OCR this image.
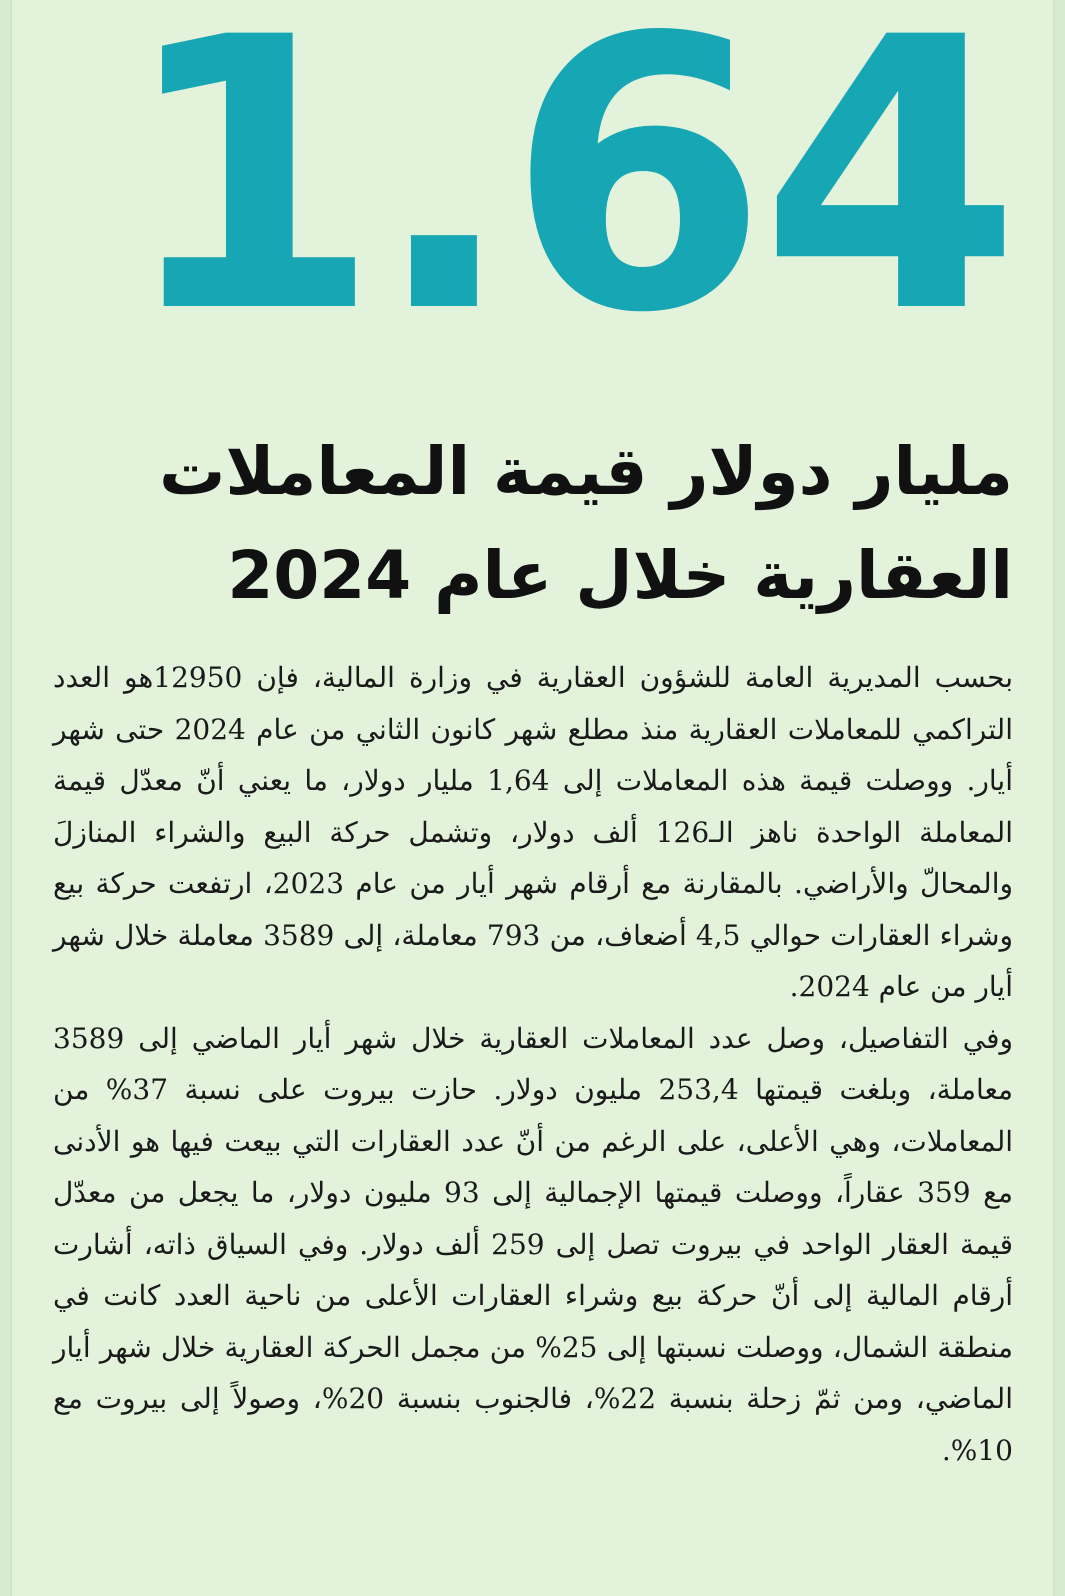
1.64
مليار دولار قيمة المعاملات
العقارية خلال عام 2024

بحسب المديرية العامة للشؤون العقارية في وزارة المالية، فإن 12950هو العدد التراكمي للمعاملات العقارية منذ مطلع شهر كانون الثاني من عام 2024 حتى شهر أيار. ووصلت قيمة هذه المعاملات إلى 1,64 مليار دولار، ما يعني أنّ معدّل قيمة المعاملة الواحدة ناهز الـ126 ألف دولار، وتشمل حركة البيع والشراء المنازلَ والمحالّ والأراضي. بالمقارنة مع أرقام شهر أيار من عام 2023، ارتفعت حركة بيع وشراء العقارات حوالي 4,5 أضعاف، من 793 معاملة، إلى 3589 معاملة خلال شهر أيار من عام 2024.

وفي التفاصيل، وصل عدد المعاملات العقارية خلال شهر أيار الماضي إلى 3589 معاملة، وبلغت قيمتها 253,4 مليون دولار. حازت بيروت على نسبة 37% من المعاملات، وهي الأعلى، على الرغم من أنّ عدد العقارات التي بيعت فيها هو الأدنى مع 359 عقاراً، ووصلت قيمتها الإجمالية إلى 93 مليون دولار، ما يجعل من معدّل قيمة العقار الواحد في بيروت تصل إلى 259 ألف دولار. وفي السياق ذاته، أشارت أرقام المالية إلى أنّ حركة بيع وشراء العقارات الأعلى من ناحية العدد كانت في منطقة الشمال، ووصلت نسبتها إلى 25% من مجمل الحركة العقارية خلال شهر أيار الماضي، ومن ثمّ زحلة بنسبة 22%، فالجنوب بنسبة 20%، وصولاً إلى بيروت مع 10%.
